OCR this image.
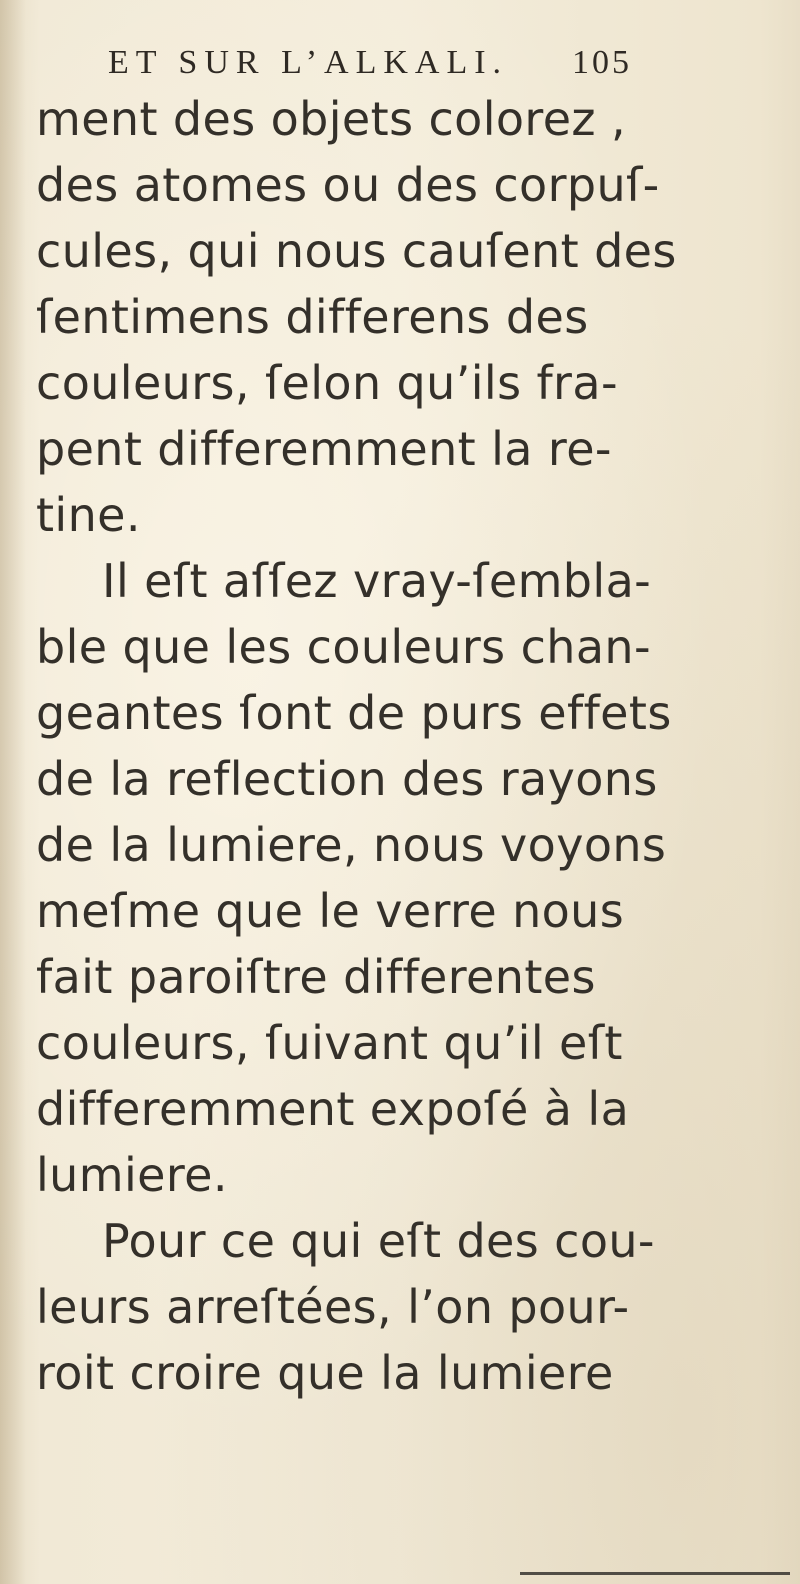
ET SUR L’ALKALI. 105
ment des objets colorez ,
des atomes ou des corpuſ-
cules, qui nous cauſent des
ſentimens differens des
couleurs, ſelon qu’ils fra-
pent differemment la re-
tine.
Il eſt aſſez vray-ſembla-
ble que les couleurs chan-
geantes ſont de purs effets
de la reflection des rayons
de la lumiere, nous voyons
meſme que le verre nous
fait paroiſtre differentes
couleurs, ſuivant qu’il eſt
differemment expoſé à la
lumiere.
Pour ce qui eſt des cou-
leurs arreſtées, l’on pour-
roit croire que la lumiere
